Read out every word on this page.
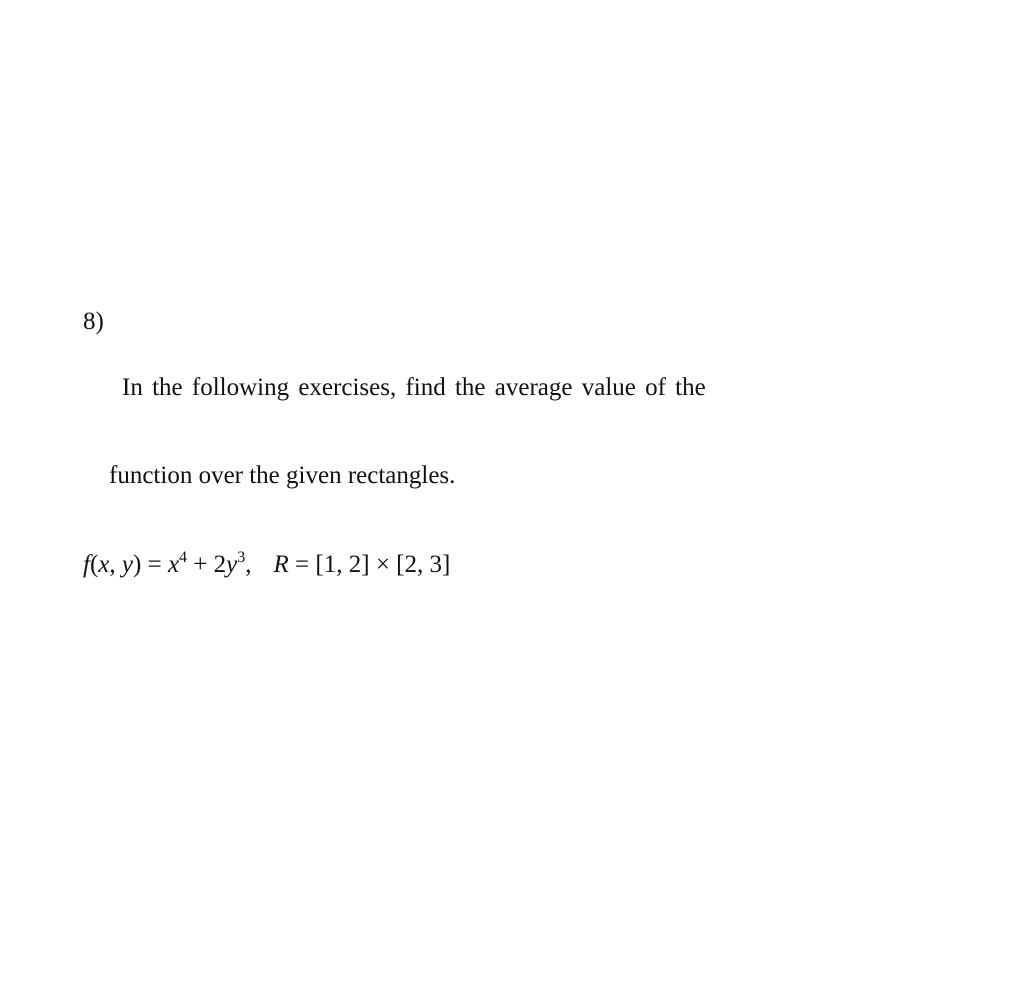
8)
In the following exercises, find the average value of the
function over the given rectangles.
f(x, $y) = x^4 + 2y^3$, R = [1, 2] × [2, 3]
